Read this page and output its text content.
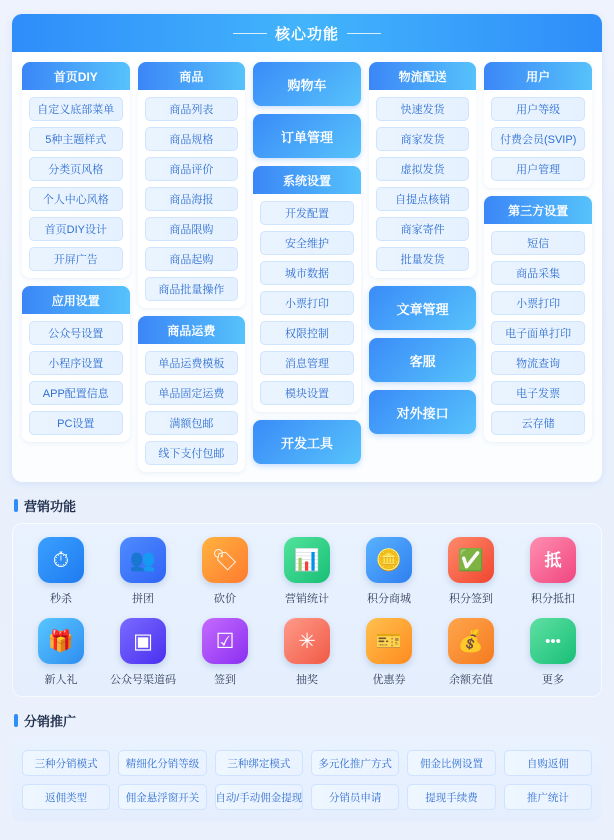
核心功能
首页DIY
自定义底部菜单
5种主题样式
分类页风格
个人中心风格
首页DIY设计
开屏广告
应用设置
公众号设置
小程序设置
APP配置信息
PC设置
商品
商品列表
商品规格
商品评价
商品海报
商品限购
商品起购
商品批量操作
商品运费
单品运费模板
单品固定运费
满额包邮
线下支付包邮
购物车
订单管理
系统设置
开发配置
安全维护
城市数据
小票打印
权限控制
消息管理
模块设置
开发工具
物流配送
快速发货
商家发货
虚拟发货
自提点核销
商家寄件
批量发货
文章管理
客服
对外接口
用户
用户等级
付费会员(SVIP)
用户管理
第三方设置
短信
商品采集
小票打印
电子面单打印
物流查询
电子发票
云存储
营销功能
⏱
秒杀
👥
拼团
🏷
砍价
📊
营销统计
🪙
积分商城
✅
积分签到
抵
积分抵扣
🎁
新人礼
▣
公众号渠道码
☑
签到
✳
抽奖
🎫
优惠券
💰
余额充值
•••
更多
分销推广
三种分销模式	精细化分销等级	三种绑定模式	多元化推广方式	佣金比例设置	自购返佣
返佣类型	佣金悬浮窗开关	自动/手动佣金提现	分销员申请	提现手续费	推广统计
